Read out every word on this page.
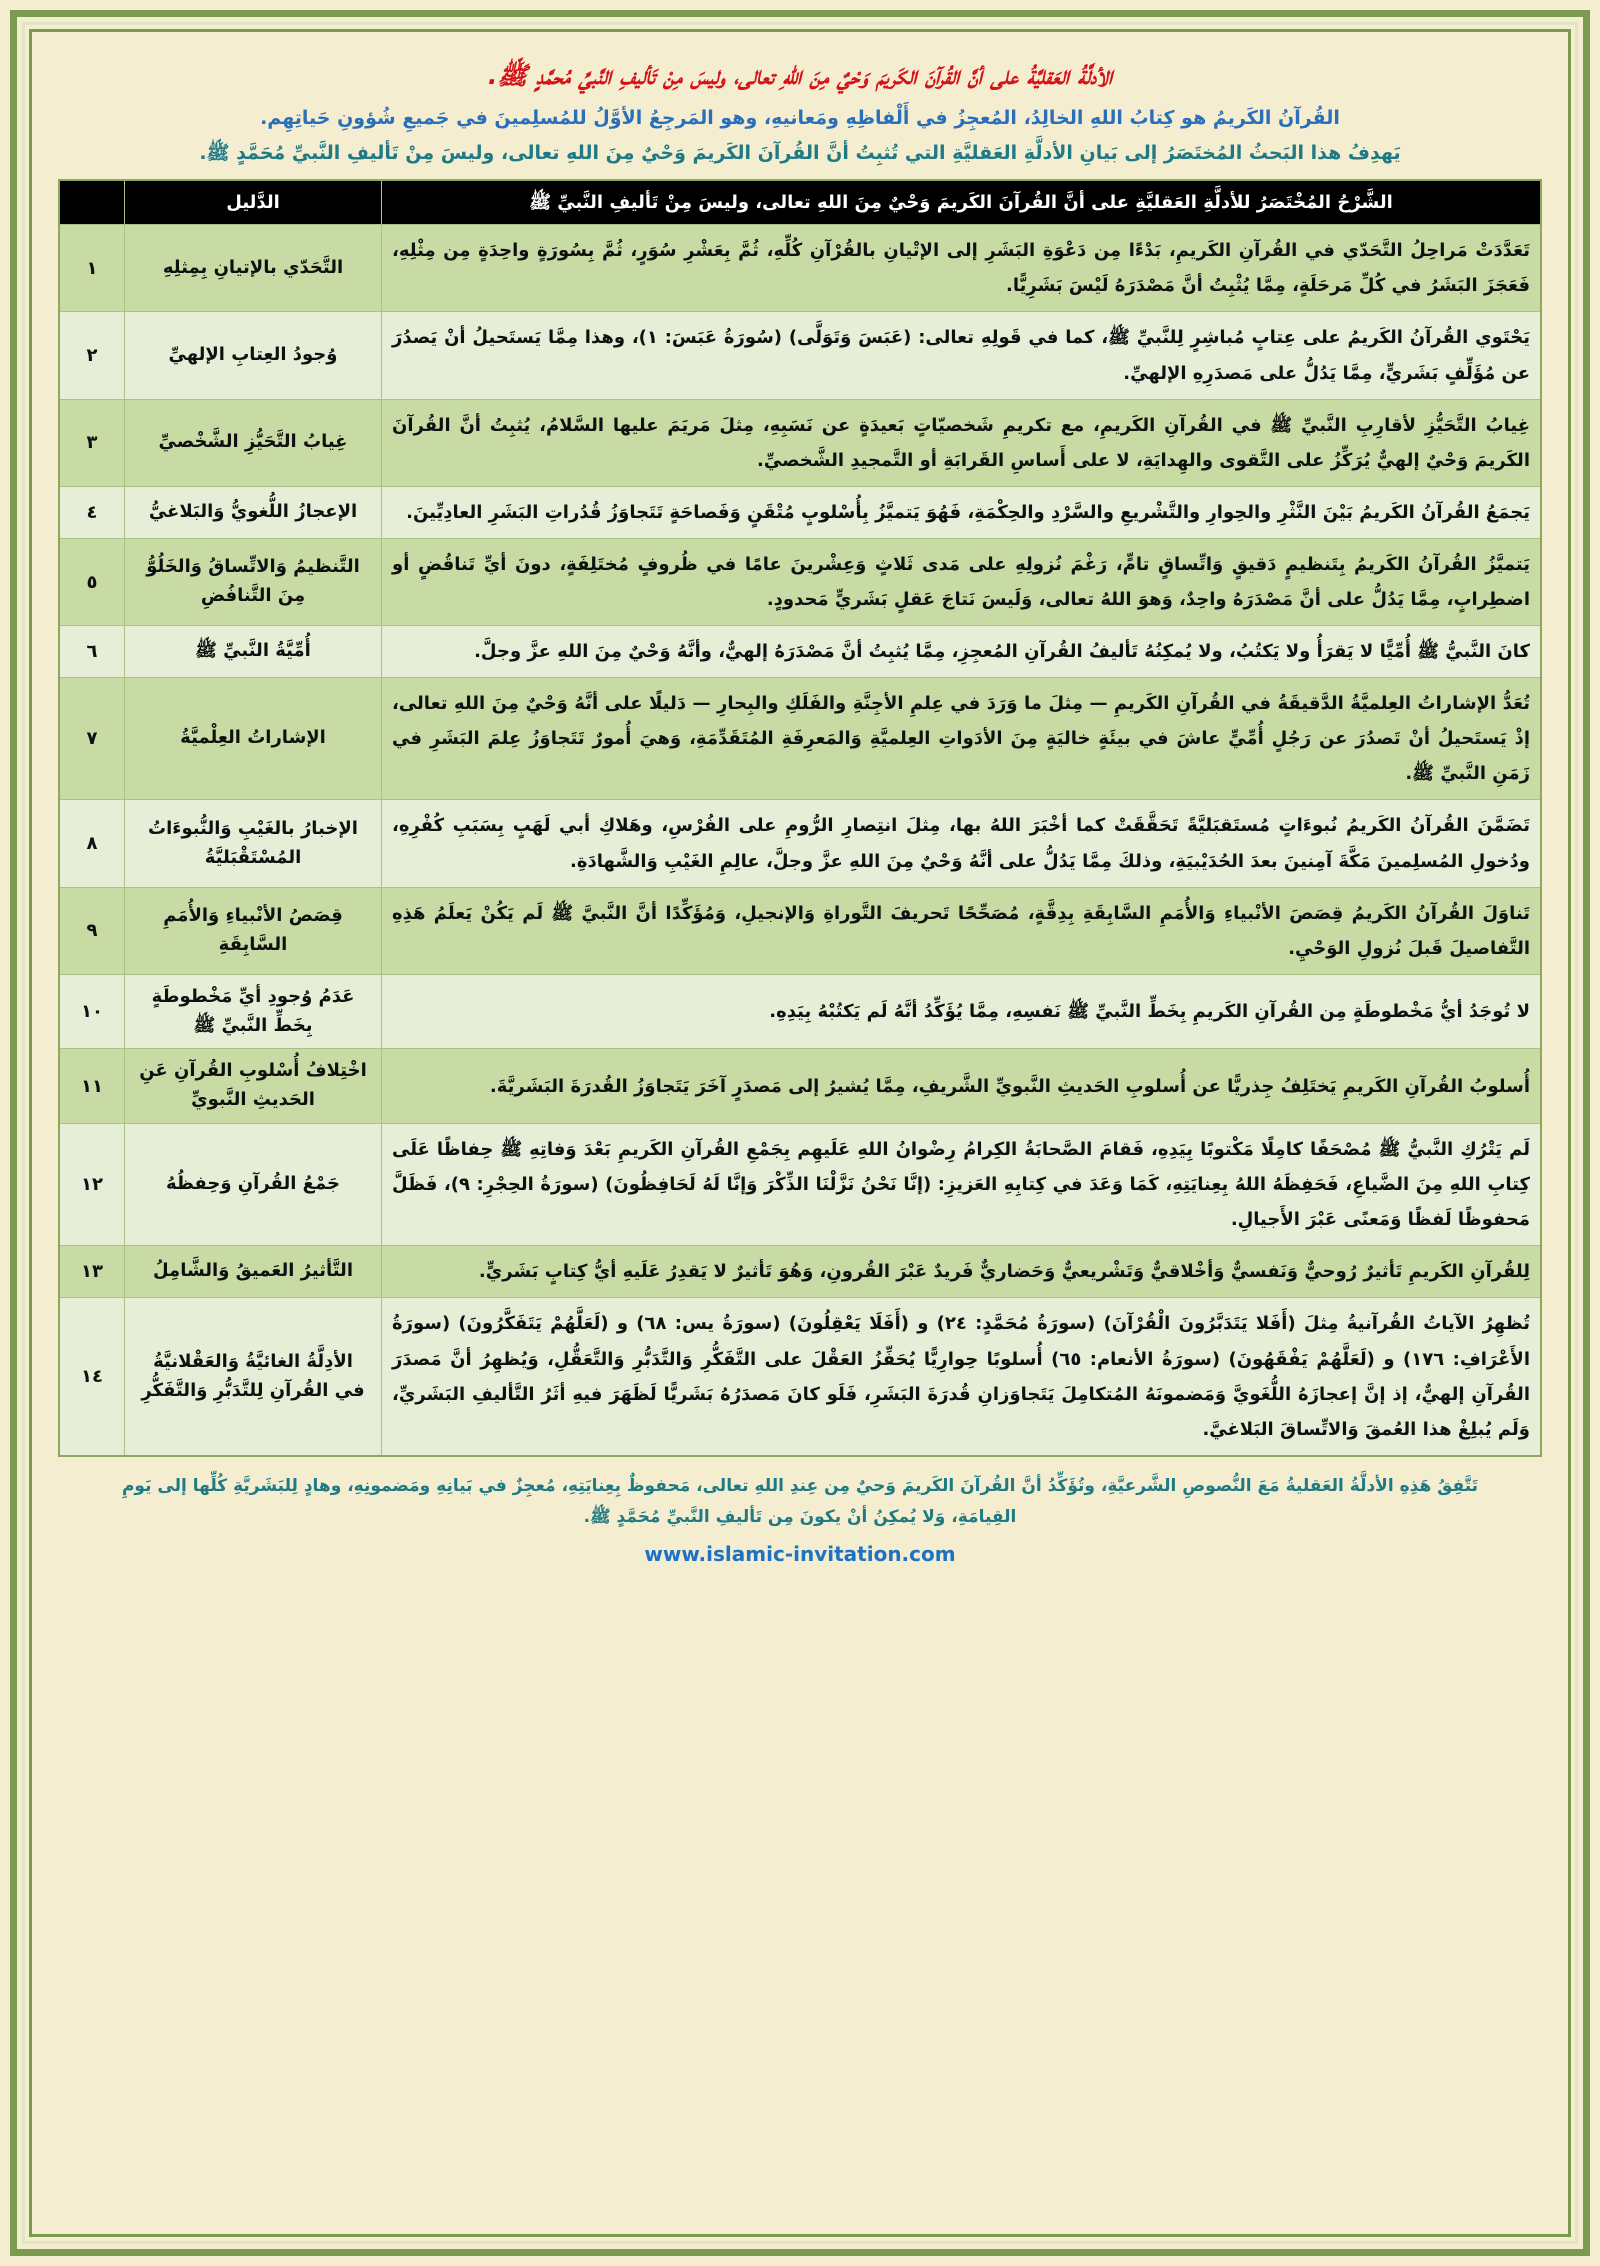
الأدلَّةُ العَقليَّةُ على أنَّ القُرآنَ الكَريمَ وَحْيٌ مِنَ اللهِ تعالى، وليسَ مِنْ تَأليفِ النَّبيِّ مُحمَّدٍ ﷺ.

القُرآنُ الكَريمُ هو كِتابُ اللهِ الخالِدُ، المُعجِزُ في أَلْفاظِهِ ومَعانيهِ، وهو المَرجِعُ الأوَّلُ للمُسلِمينَ في جَميعِ شُؤونِ حَياتِهِم.

يَهدِفُ هذا البَحثُ المُختَصَرُ إلى بَيانِ الأدلَّةِ العَقليَّةِ التي تُثبِتُ أنَّ القُرآنَ الكَريمَ وَحْيٌ مِنَ اللهِ تعالى، وليسَ مِنْ تَأليفِ النَّبيِّ مُحَمَّدٍ ﷺ.

الشَّرْحُ المُخْتَصَرُ للأدلَّةِ العَقليَّةِ على أنَّ القُرآنَ الكَريمَ وَحْيٌ مِنَ اللهِ تعالى، وليسَ مِنْ تَأليفِ النَّبيِّ ﷺ	الدَّليل	
تَعَدَّدَتْ مَراحِلُ التَّحَدّي في القُرآنِ الكَريمِ، بَدْءًا مِن دَعْوَةِ البَشَرِ إلى الإتْيانِ بالقُرْآنِ كُلِّهِ، ثُمَّ بِعَشْرِ سُوَرٍ، ثُمَّ بِسُورَةٍ واحِدَةٍ مِن مِثْلِهِ، فَعَجَزَ البَشَرُ في كُلِّ مَرحَلَةٍ، مِمَّا يُثْبِتُ أنَّ مَصْدَرَهُ لَيْسَ بَشَرِيًّا.	التَّحَدّي بالإتيانِ بِمِثلِهِ	١
يَحْتَوي القُرآنُ الكَريمُ على عِتابٍ مُباشِرٍ لِلنَّبيِّ ﷺ، كما في قَولِهِ تعالى: (عَبَسَ وَتَوَلَّى) (سُورَةُ عَبَسَ: ١)، وهذا مِمَّا يَستَحيلُ أنْ يَصدُرَ عن مُؤَلِّفٍ بَشَريٍّ، مِمَّا يَدُلُّ على مَصدَرِهِ الإلهيِّ.	وُجودُ العِتابِ الإلهيِّ	٢
غِيابُ التَّحَيُّزِ لأقارِبِ النَّبيِّ ﷺ في القُرآنِ الكَريمِ، مع تكريمِ شَخصيّاتٍ بَعيدَةٍ عن نَسَبِهِ، مِثلَ مَريَمَ عليها السَّلامُ، يُثبِتُ أنَّ القُرآنَ الكَريمَ وَحْيٌ إلهيٌّ يُرَكِّزُ على التَّقوى والهِدايَةِ، لا على أَساسِ القَرابَةِ أو التَّمجيدِ الشَّخصيِّ.	غِيابُ التَّحَيُّزِ الشَّخْصيِّ	٣
يَجمَعُ القُرآنُ الكَريمُ بَيْنَ النَّثْرِ والحِوارِ والتَّشْريعِ والسَّرْدِ والحِكْمَةِ، فَهُوَ يَتميَّزُ بِأُسْلوبٍ مُتْقَنٍ وَفَصاحَةٍ تَتَجاوَزُ قُدُراتِ البَشَرِ العادِيِّينَ.	الإعجازُ اللُّغويُّ وَالبَلاغيُّ	٤
يَتميَّزُ القُرآنُ الكَريمُ بِتَنظيمٍ دَقيقٍ وَاتِّساقٍ تامٍّ، رَغْمَ نُزولِهِ على مَدى ثَلاثٍ وَعِشْرينَ عامًا في ظُروفٍ مُختَلِفَةٍ، دونَ أيِّ تَناقُضٍ أو اضطِرابٍ، مِمَّا يَدُلُّ على أنَّ مَصْدَرَهُ واحِدٌ، وَهوَ اللهُ تعالى، وَلَيسَ نَتاجَ عَقلٍ بَشَريٍّ مَحدودٍ.	التَّنظيمُ وَالاتِّساقُ وَالخَلُوُّ مِنَ التَّنافُضِ	٥
كانَ النَّبيُّ ﷺ أُمِّيًّا لا يَقرَأُ ولا يَكتُبُ، ولا يُمكِنُهُ تَأليفُ القُرآنِ المُعجِزِ، مِمَّا يُثبِتُ أنَّ مَصْدَرَهُ إلهيٌّ، وأنَّهُ وَحْيٌ مِنَ اللهِ عزَّ وجلَّ.	أُمِّيَّةُ النَّبيِّ ﷺ	٦
تُعَدُّ الإشاراتُ العِلميَّةُ الدَّقيقَةُ في القُرآنِ الكَريمِ — مِثلَ ما وَرَدَ في عِلمِ الأجِنَّةِ والفَلَكِ والبِحارِ — دَليلًا على أنَّهُ وَحْيٌ مِنَ اللهِ تعالى، إذْ يَستَحيلُ أنْ تَصدُرَ عن رَجُلٍ أُمِّيٍّ عاشَ في بيئَةٍ خاليَةٍ مِنَ الأدَواتِ العِلميَّةِ وَالمَعرِفَةِ المُتَقَدِّمَةِ، وَهيَ أُمورٌ تَتَجاوَزُ عِلمَ البَشَرِ في زَمَنِ النَّبيِّ ﷺ.	الإشاراتُ العِلْميَّةُ	٧
تَضَمَّنَ القُرآنُ الكَريمُ نُبوءَاتٍ مُستَقبَليَّةً تَحَقَّقَتْ كما أخْبَرَ اللهُ بها، مِثلَ انتِصارِ الرُّومِ على الفُرْسِ، وهَلاكِ أبي لَهَبٍ بِسَبَبِ كُفْرِهِ، ودُخولِ المُسلِمينَ مَكَّةَ آمِنينَ بعدَ الحُدَيْبيَةِ، وذلكَ مِمَّا يَدُلُّ على أنَّهُ وَحْيٌ مِنَ اللهِ عزَّ وجلَّ، عالِمِ الغَيْبِ وَالشَّهادَةِ.	الإخبارُ بالغَيْبِ وَالنُّبوءَاتُ المُسْتَقْبَليَّةُ	٨
تَناوَلَ القُرآنُ الكَريمُ قِصَصَ الأنْبياءِ وَالأُمَمِ السَّابِقَةِ بِدِقَّةٍ، مُصَحِّحًا تَحريفَ التَّوراةِ وَالإنجيلِ، وَمُؤَكِّدًا أنَّ النَّبيَّ ﷺ لَم يَكُنْ يَعلَمُ هَذِهِ التَّفاصيلَ قَبلَ نُزولِ الوَحْيِ.	قِصَصُ الأنْبياءِ وَالأُمَمِ السَّابِقَةِ	٩
لا تُوجَدُ أيُّ مَخْطوطَةٍ مِن القُرآنِ الكَريمِ بِخَطِّ النَّبيِّ ﷺ نَفسِهِ، مِمَّا يُؤَكِّدُ أنَّهُ لَم يَكتُبْهُ بِيَدِهِ.	عَدَمُ وُجودِ أيِّ مَخْطوطَةٍ بِخَطِّ النَّبيِّ ﷺ	١٠
أُسلوبُ القُرآنِ الكَريمِ يَختَلِفُ جِذريًّا عن أُسلوبِ الحَديثِ النَّبويِّ الشَّريفِ، مِمَّا يُشيرُ إلى مَصدَرٍ آخَرَ يَتَجاوَزُ القُدرَةَ البَشَريَّةَ.	اخْتِلافُ أُسْلوبِ القُرآنِ عَنِ الحَديثِ النَّبويِّ	١١
لَم يَتْرُكِ النَّبيُّ ﷺ مُصْحَفًا كامِلًا مَكْتوبًا بِيَدِهِ، فَقامَ الصَّحابَةُ الكِرامُ رِضْوانُ اللهِ عَلَيهِم بِجَمْعِ القُرآنِ الكَريمِ بَعْدَ وَفاتِهِ ﷺ حِفاظًا عَلَى كِتابِ اللهِ مِنَ الضَّياعِ، فَحَفِظَهُ اللهُ بِعِنايَتِهِ، كَمَا وَعَدَ في كِتابِهِ العَزيزِ: (إنَّا نَحْنُ نَزَّلْنَا الذِّكْرَ وَإنَّا لَهُ لَحَافِظُونَ) (سورَةُ الحِجْرِ: ٩)، فَظَلَّ مَحفوظًا لَفظًا وَمَعنًى عَبْرَ الأَجيالِ.	جَمْعُ القُرآنِ وَحِفظُهُ	١٢
لِلقُرآنِ الكَريمِ تَأثيرٌ رُوحيٌّ وَنَفسيٌّ وَأخْلاقيٌّ وَتَشْريعيٌّ وَحَضاريٌّ فَريدٌ عَبْرَ القُرونِ، وَهُوَ تَأثيرٌ لا يَقدِرُ عَلَيهِ أيُّ كِتابٍ بَشَريٍّ.	التَّأثيرُ العَميقُ وَالشَّامِلُ	١٣
تُظهِرُ الآياتُ القُرآنيةُ مِثلَ (أَفَلا يَتَدَبَّرُونَ الْقُرْآنَ) (سورَةُ مُحَمَّدٍ: ٢٤) و (أَفَلَا يَعْقِلُونَ) (سورَةُ يس: ٦٨) و (لَعَلَّهُمْ يَتَفَكَّرُونَ) (سورَةُ الأَعْرَافِ: ١٧٦) و (لَعَلَّهُمْ يَفْقَهُونَ) (سورَةُ الأنعام: ٦٥) أُسلوبًا حِوارِيًّا يُحَفِّزُ العَقْلَ على التَّفَكُّرِ وَالتَّدَبُّرِ وَالتَّعَقُّلِ، وَيُظهِرُ أنَّ مَصدَرَ القُرآنِ إلهيٌّ، إذ إنَّ إعجازَهُ اللُّغَويَّ وَمَضمونَهُ المُتكامِلَ يَتَجاوَزانِ قُدرَةَ البَشَرِ، فَلَو كانَ مَصدَرُهُ بَشَريًّا لَظَهَرَ فيهِ أثَرُ التَّأليفِ البَشَريِّ، وَلَم يُبلِغْ هذا العُمقَ وَالاتِّساقَ البَلاغيَّ.	الأدِلَّةُ الغائيَّةُ وَالعَقْلانيَّةُ في القُرآنِ لِلتَّدَبُّرِ وَالتَّفَكُّرِ	١٤

تَتَّفِقُ هَذِهِ الأدلَّةُ العَقليةُ مَعَ النُّصوصِ الشَّرعيَّةِ، وتُؤَكِّدُ أنَّ القُرآنَ الكَريمَ وَحيٌ مِن عِندِ اللهِ تعالى، مَحفوظٌ بِعِنايَتِهِ، مُعجِزٌ في بَيانِهِ ومَضمونِهِ، وهادٍ لِلبَشَريَّةِ كُلِّها إلى يَومِ القِيامَةِ، وَلا يُمكِنُ أنْ يكونَ مِن تَأليفِ النَّبيِّ مُحَمَّدٍ ﷺ.

www.islamic-invitation.com
